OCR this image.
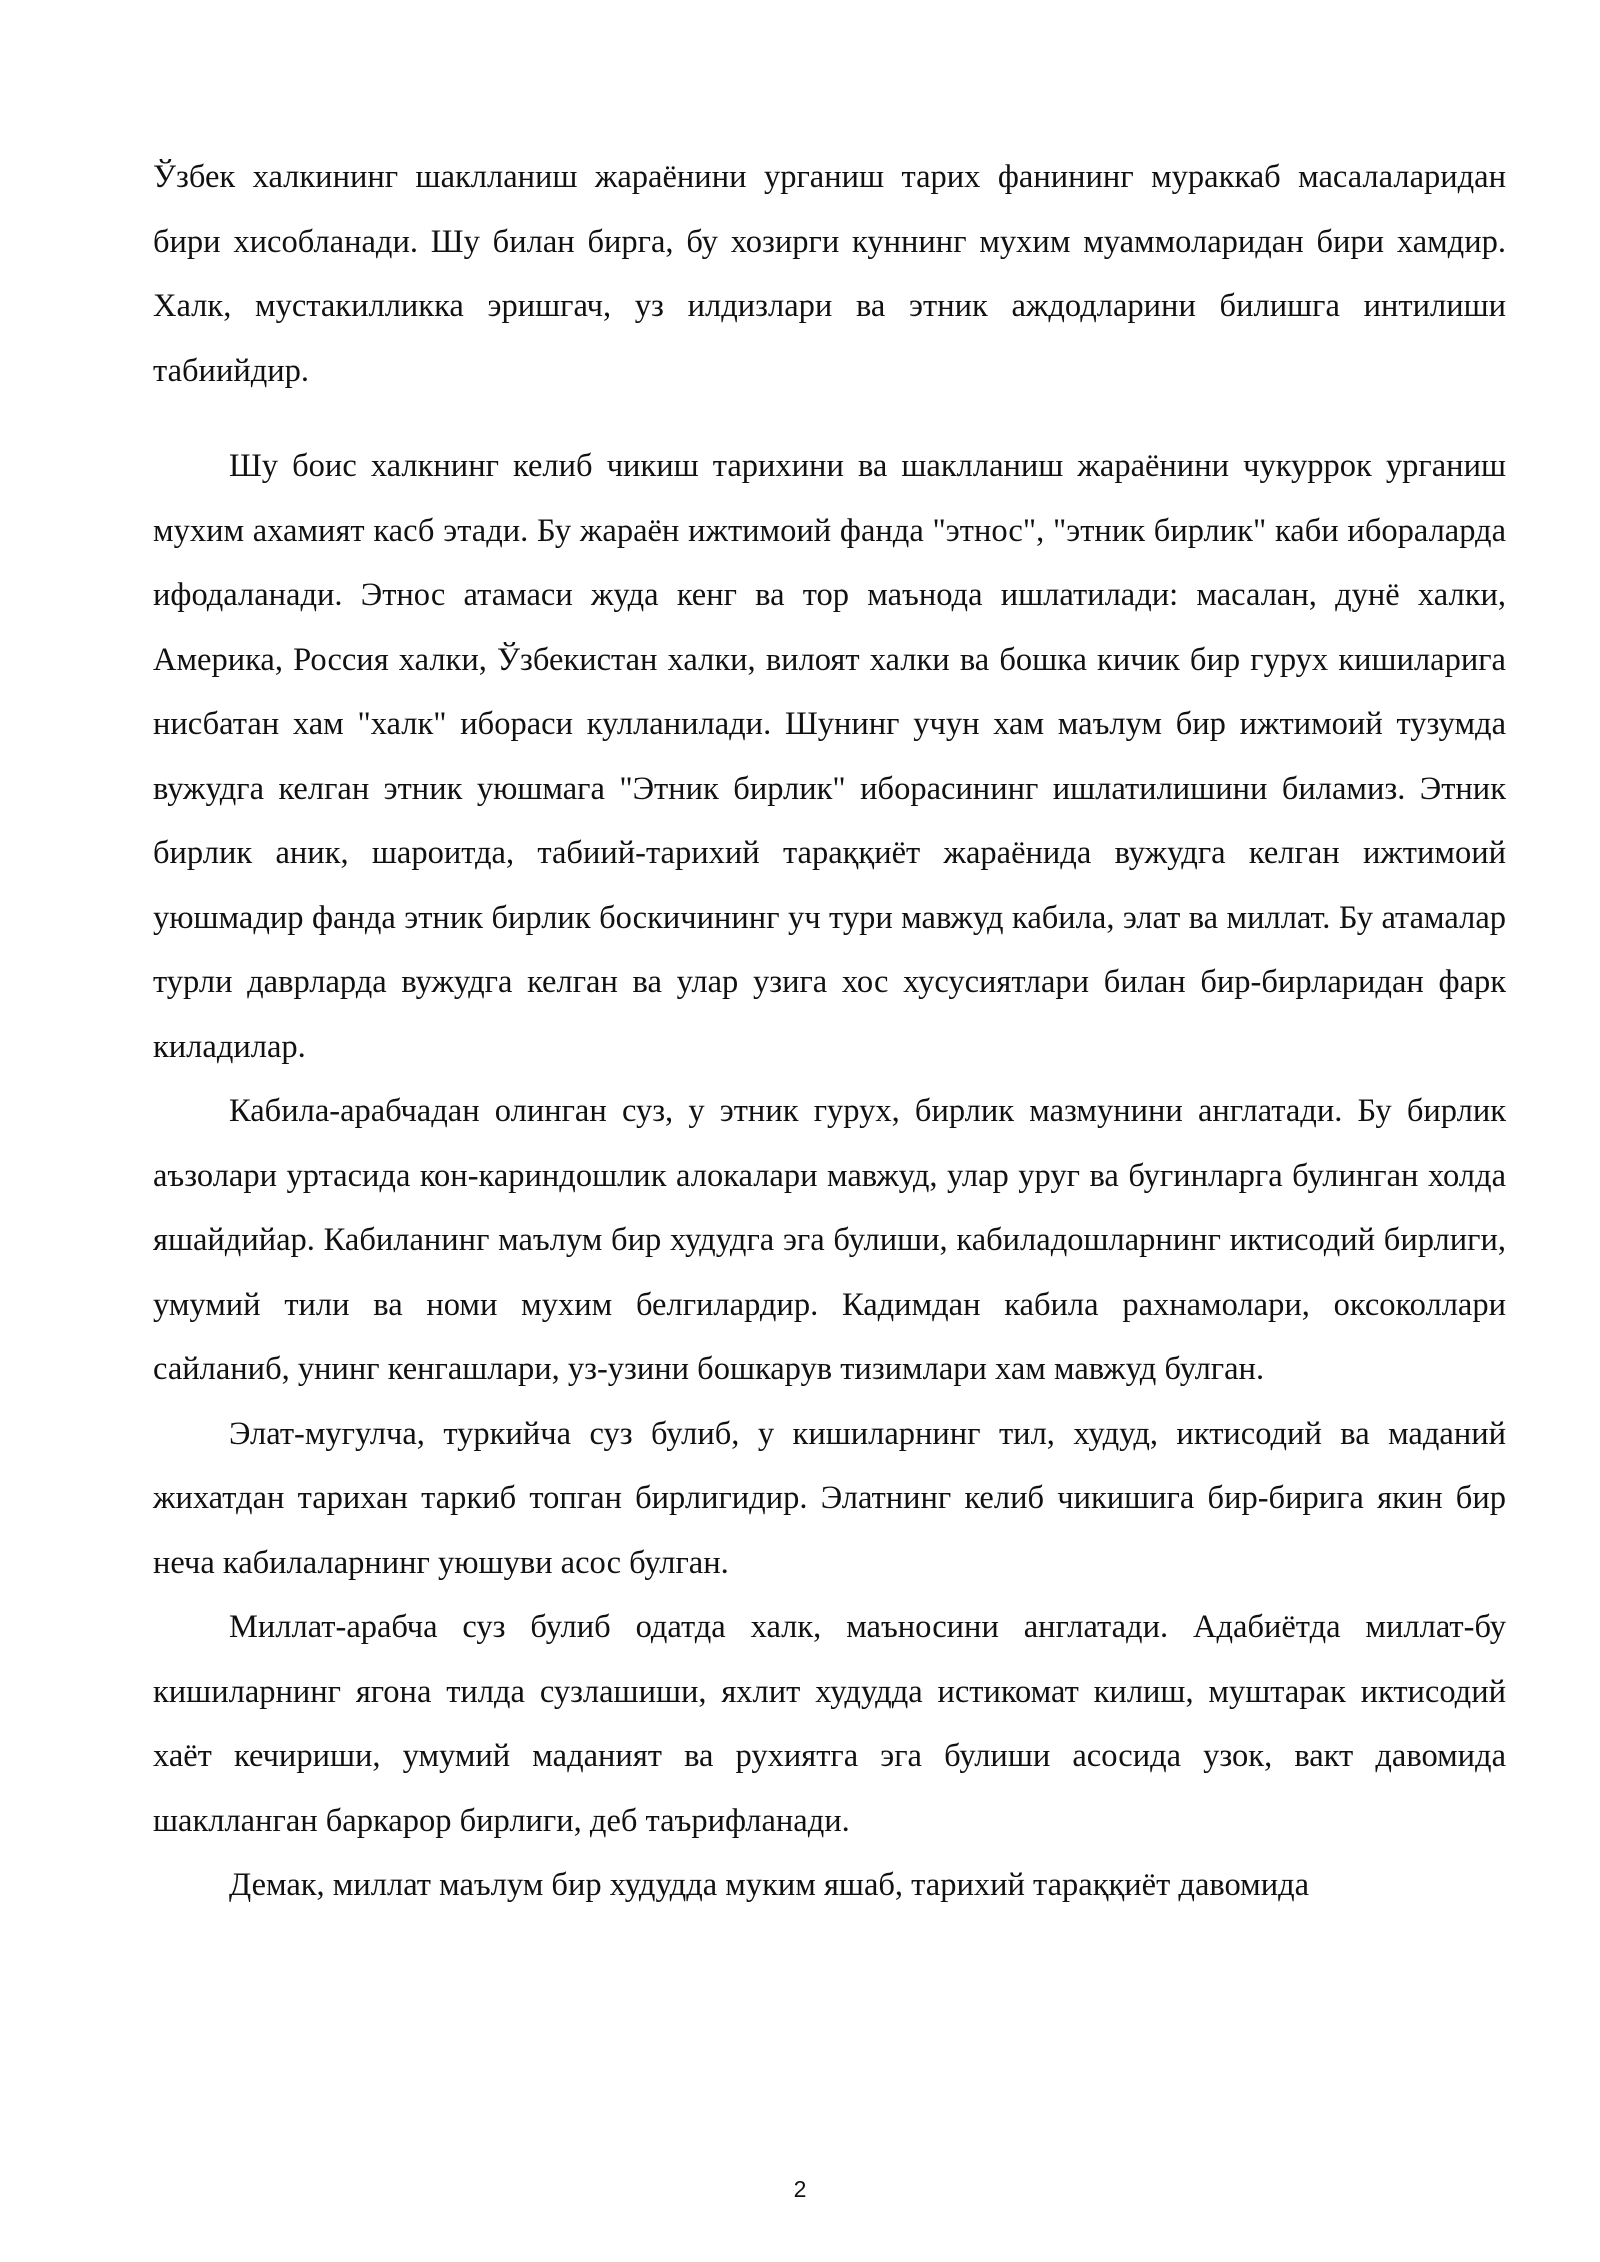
Ўзбек халкининг шаклланиш жараёнини урганиш тарих фанининг мураккаб масалаларидан бири хисобланади. Шу билан бирга, бу хозирги куннинг мухим муаммоларидан бири хамдир. Халк, мустакилликка эришгач, уз илдизлари ва этник аждодларини билишга интилиши табиийдир.

Шу боис халкнинг келиб чикиш тарихини ва шаклланиш жараёнини чукуррок урганиш мухим ахамият касб этади. Бу жараён ижтимоий фанда "этнос", "этник бирлик" каби ибораларда ифодаланади. Этнос атамаси жуда кенг ва тор маънода ишлатилади: масалан, дунё халки, Америка, Россия халки, Ўзбекистан халки, вилоят халки ва бошка кичик бир гурух кишиларига нисбатан хам "халк" ибораси кулланилади. Шунинг учун хам маълум бир ижтимоий тузумда вужудга келган этник уюшмага "Этник бирлик" иборасининг ишлатилишини биламиз. Этник бирлик аник, шароитда, табиий-тарихий тараққиёт жараёнида вужудга келган ижтимоий уюшмадир фанда этник бирлик боскичининг уч тури мавжуд кабила, элат ва миллат. Бу атамалар турли даврларда вужудга келган ва улар узига хос хусусиятлари билан бир-бирларидан фарк киладилар.

Кабила-арабчадан олинган суз, у этник гурух, бирлик мазмунини англатади. Бу бирлик аъзолари уртасида кон-кариндошлик алокалари мавжуд, улар уруг ва бугинларга булинган холда яшайдийар. Кабиланинг маълум бир худудга эга булиши, кабиладошларнинг иктисодий бирлиги, умумий тили ва номи мухим белгилардир. Кадимдан кабила рахнамолари, оксоколлари сайланиб, унинг кенгашлари, уз-узини бошкарув тизимлари хам мавжуд булган.

Элат-мугулча, туркийча суз булиб, у кишиларнинг тил, худуд, иктисодий ва маданий жихатдан тарихан таркиб топган бирлигидир. Элатнинг келиб чикишига бир-бирига якин бир неча кабилаларнинг уюшуви асос булган.

Миллат-арабча суз булиб одатда халк, маъносини англатади. Адабиётда миллат-бу кишиларнинг ягона тилда сузлашиши, яхлит худудда истикомат килиш, муштарак иктисодий хаёт кечириши, умумий маданият ва рухиятга эга булиши асосида узок, вакт давомида шаклланган баркарор бирлиги, деб таърифланади.

Демак, миллат маълум бир худудда муким яшаб, тарихий тараққиёт давомида

2
